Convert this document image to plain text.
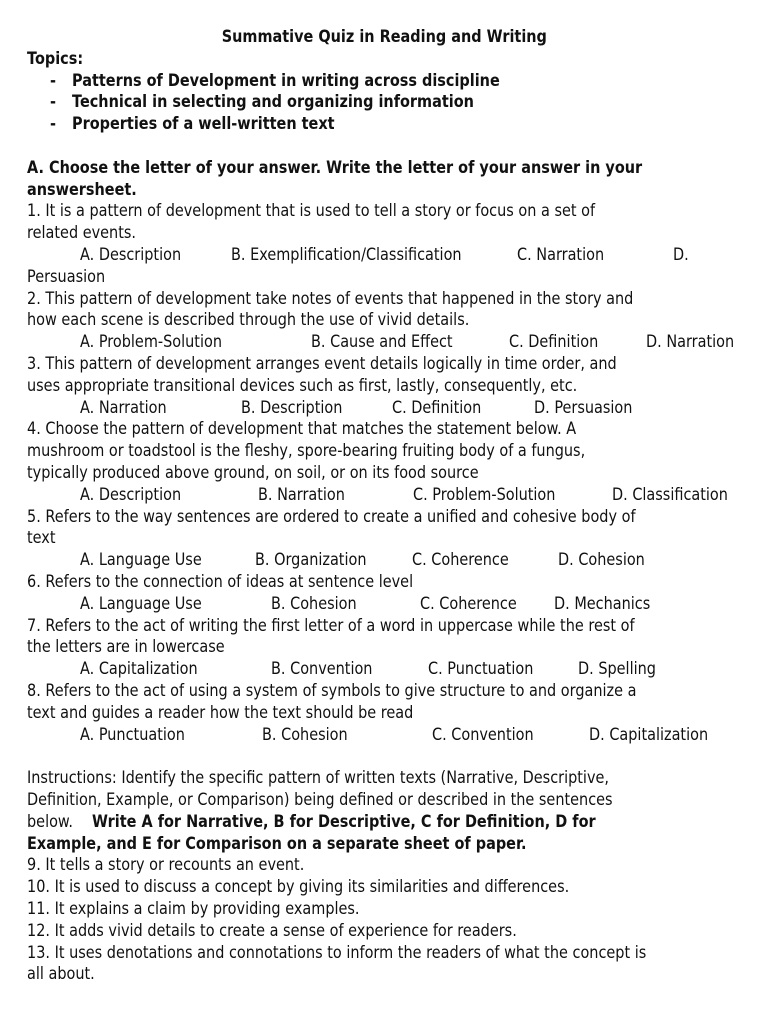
Summative Quiz in Reading and Writing
Topics:
- Patterns of Development in writing across discipline
- Technical in selecting and organizing information
- Properties of a well-written text
A. Choose the letter of your answer. Write the letter of your answer in your
answersheet.
1. It is a pattern of development that is used to tell a story or focus on a set of
related events.
A. Description	B. Exemplification/Classification	C. Narration	D.
Persuasion
2. This pattern of development take notes of events that happened in the story and
how each scene is described through the use of vivid details.
A. Problem-Solution	B. Cause and Effect	C. Definition	D. Narration
3. This pattern of development arranges event details logically in time order, and
uses appropriate transitional devices such as first, lastly, consequently, etc.
A. Narration	B. Description	C. Definition	D. Persuasion
4. Choose the pattern of development that matches the statement below. A
mushroom or toadstool is the fleshy, spore-bearing fruiting body of a fungus,
typically produced above ground, on soil, or on its food source
A. Description	B. Narration	C. Problem-Solution	D. Classification
5. Refers to the way sentences are ordered to create a unified and cohesive body of
text
A. Language Use	B. Organization	C. Coherence	D. Cohesion
6. Refers to the connection of ideas at sentence level
A. Language Use	B. Cohesion	C. Coherence D. Mechanics
7. Refers to the act of writing the first letter of a word in uppercase while the rest of
the letters are in lowercase
A. Capitalization	B. Convention	C. Punctuation	D. Spelling
8. Refers to the act of using a system of symbols to give structure to and organize a
text and guides a reader how the text should be read
A. Punctuation	B. Cohesion	C. Convention	D. Capitalization
Instructions: Identify the specific pattern of written texts (Narrative, Descriptive,
Definition, Example, or Comparison) being defined or described in the sentences
below. Write A for Narrative, B for Descriptive, C for Definition, D for
Example, and E for Comparison on a separate sheet of paper.
9. It tells a story or recounts an event.
10. It is used to discuss a concept by giving its similarities and differences.
11. It explains a claim by providing examples.
12. It adds vivid details to create a sense of experience for readers.
13. It uses denotations and connotations to inform the readers of what the concept is
all about.
